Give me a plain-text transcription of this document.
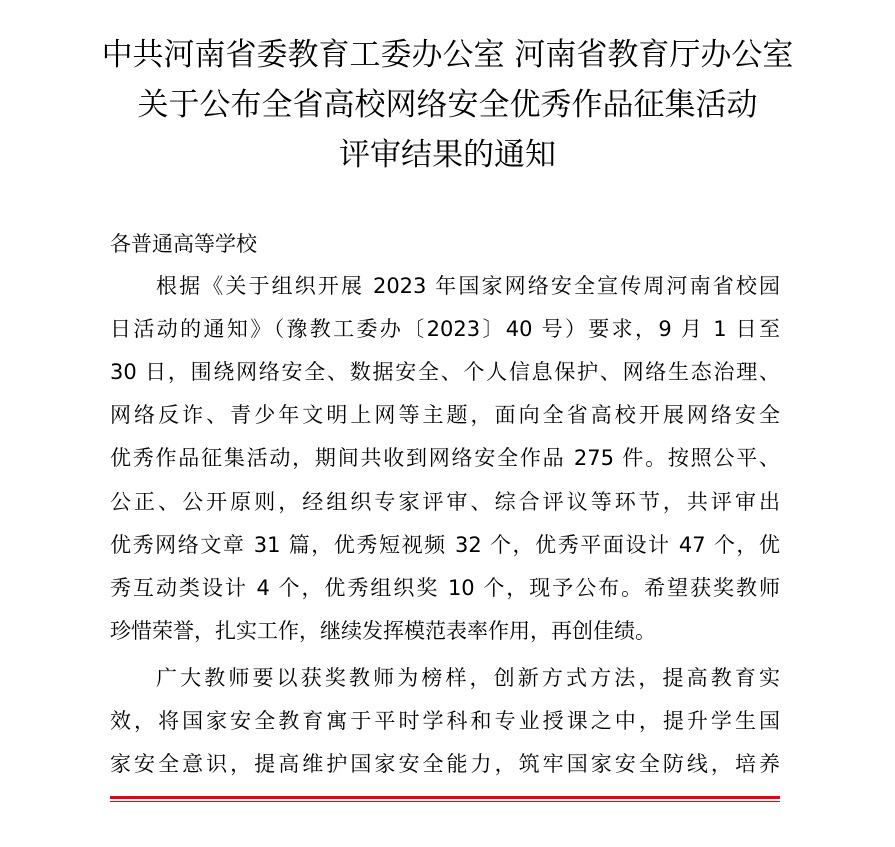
中共河南省委教育工委办公室 河南省教育厅办公室
关于公布全省高校网络安全优秀作品征集活动
评审结果的通知

各普通高等学校

根据《关于组织开展 2023 年国家网络安全宣传周河南省校园
日活动的通知》（豫教工委办〔2023〕40 号）要求，9 月 1 日至
30 日，围绕网络安全、数据安全、个人信息保护、网络生态治理、
网络反诈、青少年文明上网等主题，面向全省高校开展网络安全
优秀作品征集活动，期间共收到网络安全作品 275 件。按照公平、
公正、公开原则，经组织专家评审、综合评议等环节，共评审出
优秀网络文章 31 篇，优秀短视频 32 个，优秀平面设计 47 个，优
秀互动类设计 4 个，优秀组织奖 10 个，现予公布。希望获奖教师
珍惜荣誉，扎实工作，继续发挥模范表率作用，再创佳绩。
广大教师要以获奖教师为榜样，创新方式方法，提高教育实
效，将国家安全教育寓于平时学科和专业授课之中，提升学生国
家安全意识，提高维护国家安全能力，筑牢国家安全防线，培养
